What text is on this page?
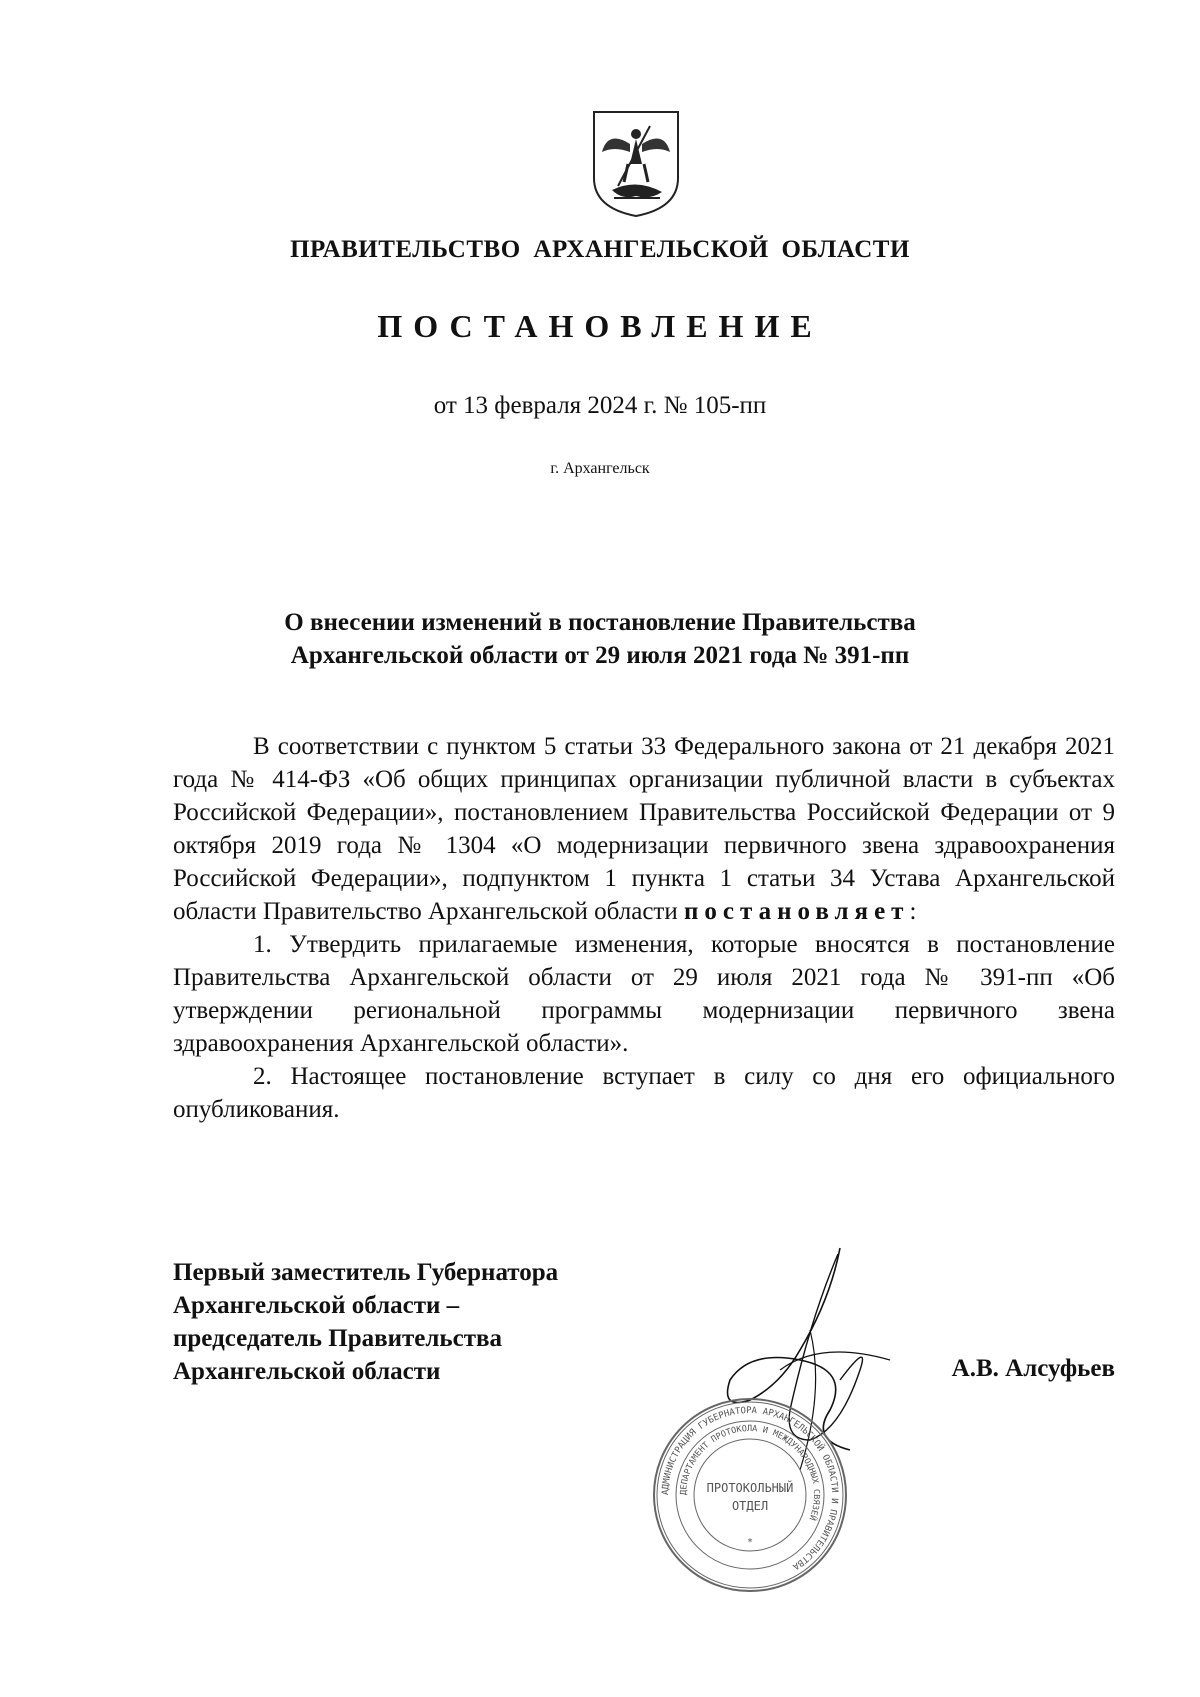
ПРАВИТЕЛЬСТВО АРХАНГЕЛЬСКОЙ ОБЛАСТИ
ПОСТАНОВЛЕНИЕ
от 13 февраля 2024 г. № 105-пп
г. Архангельск
О внесении изменений в постановление Правительства
Архангельской области от 29 июля 2021 года № 391-пп

В соответствии с пунктом 5 статьи 33 Федерального закона от 21 декабря 2021 года № 414-ФЗ «Об общих принципах организации публичной власти в субъектах Российской Федерации», постановлением Правительства Российской Федерации от 9 октября 2019 года № 1304 «О модернизации первичного звена здравоохранения Российской Федерации», подпунктом 1 пункта 1 статьи 34 Устава Архангельской области Правительство Архангельской области постановляет:

1. Утвердить прилагаемые изменения, которые вносятся в постановление Правительства Архангельской области от 29 июля 2021 года № 391-пп «Об утверждении региональной программы модернизации первичного звена здравоохранения Архангельской области».

2. Настоящее постановление вступает в силу со дня его официального опубликования.

Первый заместитель Губернатора
Архангельской области –
председатель Правительства
Архангельской области	А.В. Алсуфьев
АДМИНИСТРАЦИЯ ГУБЕРНАТОРА АРХАНГЕЛЬСКОЙ ОБЛАСТИ И ПРАВИТЕЛЬСТВА
ДЕПАРТАМЕНТ ПРОТОКОЛА И МЕЖДУНАРОДНЫХ СВЯЗЕЙ
ПРОТОКОЛЬНЫЙ
ОТДЕЛ
*
